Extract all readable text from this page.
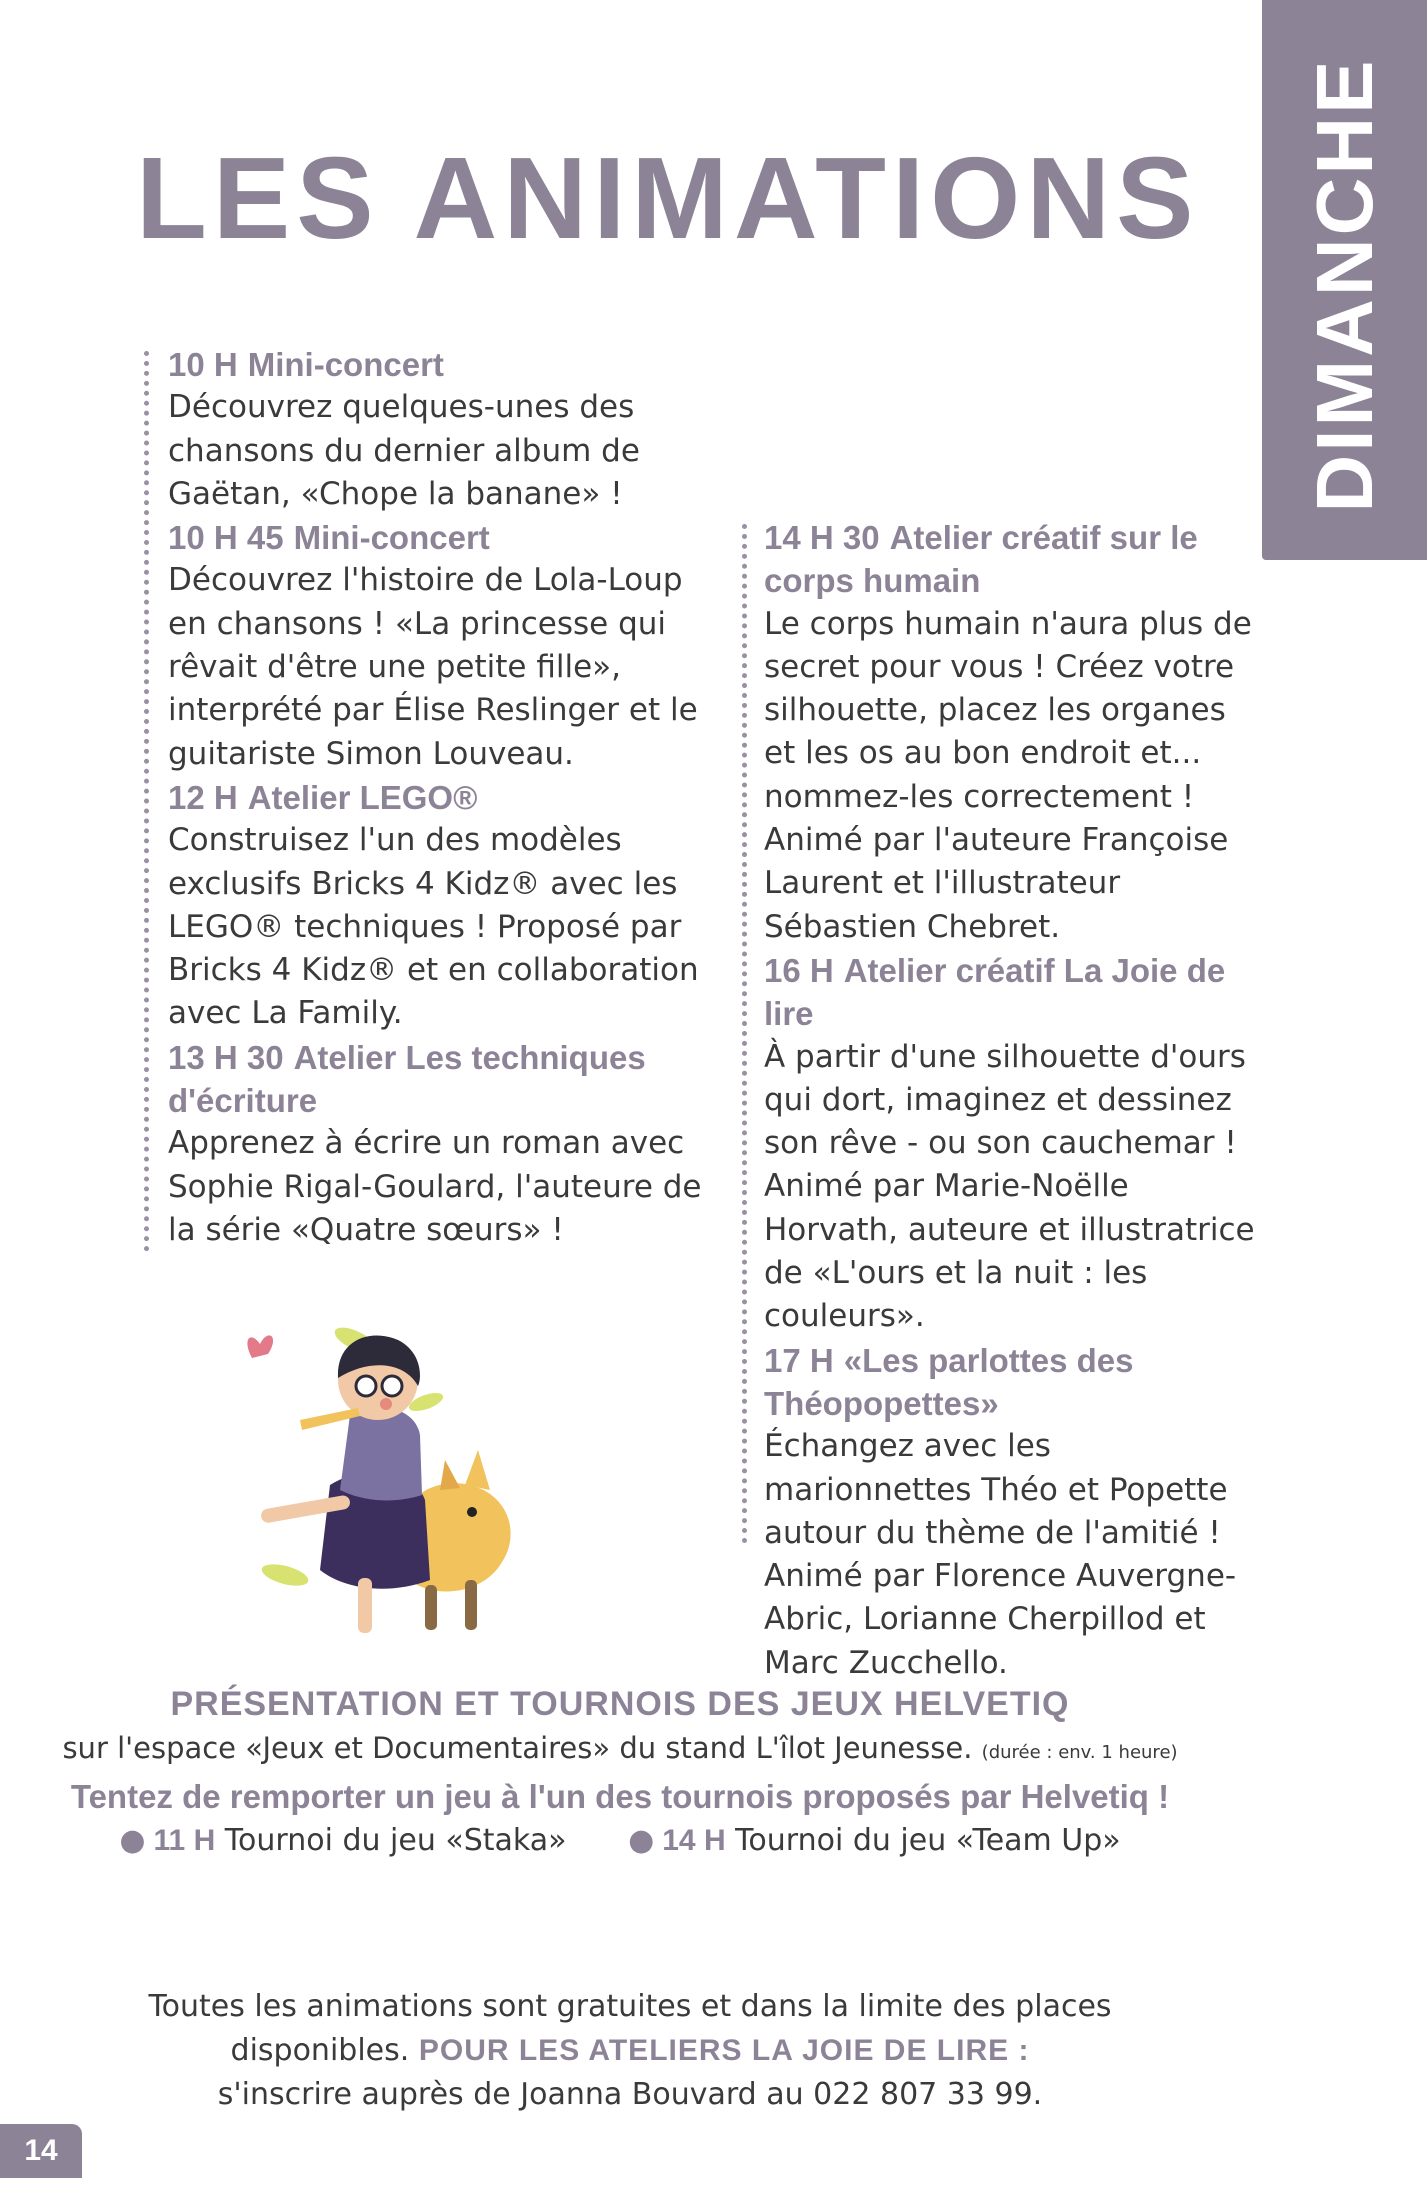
LES ANIMATIONS DIMANCHE
10 H Mini-concert
Découvrez quelques-unes des chansons du dernier album de Gaëtan, «Chope la banane» !
10 H 45 Mini-concert
Découvrez l'histoire de Lola-Loup en chansons ! «La princesse qui rêvait d'être une petite fille», interprété par Élise Reslinger et le guitariste Simon Louveau.
12 H Atelier LEGO®
Construisez l'un des modèles exclusifs Bricks 4 Kidz® avec les LEGO® techniques ! Proposé par Bricks 4 Kidz® et en collaboration avec La Family.
13 H 30 Atelier Les techniques d'écriture
Apprenez à écrire un roman avec Sophie Rigal-Goulard, l'auteure de la série «Quatre sœurs» !
14 H 30 Atelier créatif sur le corps humain
Le corps humain n'aura plus de secret pour vous ! Créez votre silhouette, placez les organes et les os au bon endroit et... nommez-les correctement ! Animé par l'auteure Françoise Laurent et l'illustrateur Sébastien Chebret.
16 H Atelier créatif La Joie de lire
À partir d'une silhouette d'ours qui dort, imaginez et dessinez son rêve - ou son cauchemar ! Animé par Marie-Noëlle Horvath, auteure et illustratrice de «L'ours et la nuit : les couleurs».
17 H «Les parlottes des Théopopettes»
Échangez avec les marionnettes Théo et Popette autour du thème de l'amitié ! Animé par Florence Auvergne-Abric, Lorianne Cherpillod et Marc Zucchello.
PRÉSENTATION ET TOURNOIS DES JEUX HELVETIQ
sur l'espace «Jeux et Documentaires» du stand L'îlot Jeunesse. (durée : env. 1 heure)
Tentez de remporter un jeu à l'un des tournois proposés par Helvetiq !
● 11 H Tournoi du jeu «Staka» ● 14 H Tournoi du jeu «Team Up»
Toutes les animations sont gratuites et dans la limite des places disponibles. POUR LES ATELIERS LA JOIE DE LIRE :
s'inscrire auprès de Joanna Bouvard au 022 807 33 99.
14
